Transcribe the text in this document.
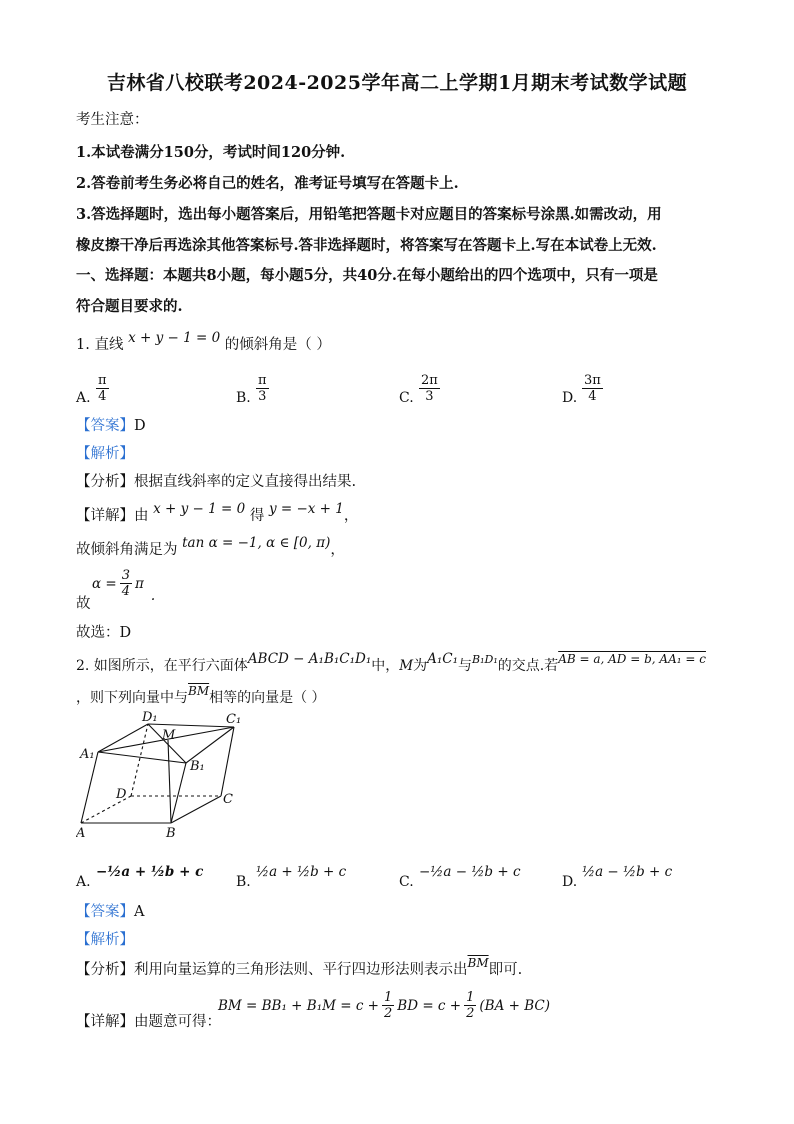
吉林省八校联考2024-2025学年高二上学期1月期末考试数学试题
考生注意：
1.本试卷满分150分，考试时间120分钟.
2.答卷前考生务必将自己的姓名，准考证号填写在答题卡上.
3.答选择题时，选出每小题答案后，用铅笔把答题卡对应题目的答案标号涂黑.如需改动，用
橡皮擦干净后再选涂其他答案标号.答非选择题时，将答案写在答题卡上.写在本试卷上无效.
一、选择题：本题共8小题，每小题5分，共40分.在每小题给出的四个选项中，只有一项是
符合题目要求的.
1. 直线 x + y − 1 = 0 的倾斜角是（ ）
A. $\frac{\pi}{4}$	B. $\frac{\pi}{3}$	C. $\frac{2\pi}{3}$	D. $\frac{3\pi}{4}$
【答案】D
【解析】
【分析】根据直线斜率的定义直接得出结果.
【详解】由 x + y − 1 = 0 得 y = −x + 1，
故倾斜角满足为 tan α = −1, α ∈ [0, π)，
故
$\alpha = \frac{3}{4}$ π
.
故选：D
2. 如图所示，在平行六面体ABCD − A₁B₁C₁D₁中，M为A₁C₁与$^{B_1D_1}$的交点.若AB = a, AD = b, AA₁ = c
，则下列向量中与$\overline{BM}$相等的向量是（ ）
A	B
C
D
A₁
B₁
C₁
D₁
M
A.
−½a + ½b + c
B.
½a + ½b + c
C.
−½a − ½b + c
D.
½a − ½b + c
【答案】A
【解析】
【分析】利用向量运算的三角形法则、平行四边形法则表示出$^{\overline{BM}}$即可.
【详解】由题意可得：
BM = $BB_1 + B_1M = c + \frac{1}{2}$ BD = $c + \frac{1}{2} (BA + BC)$
